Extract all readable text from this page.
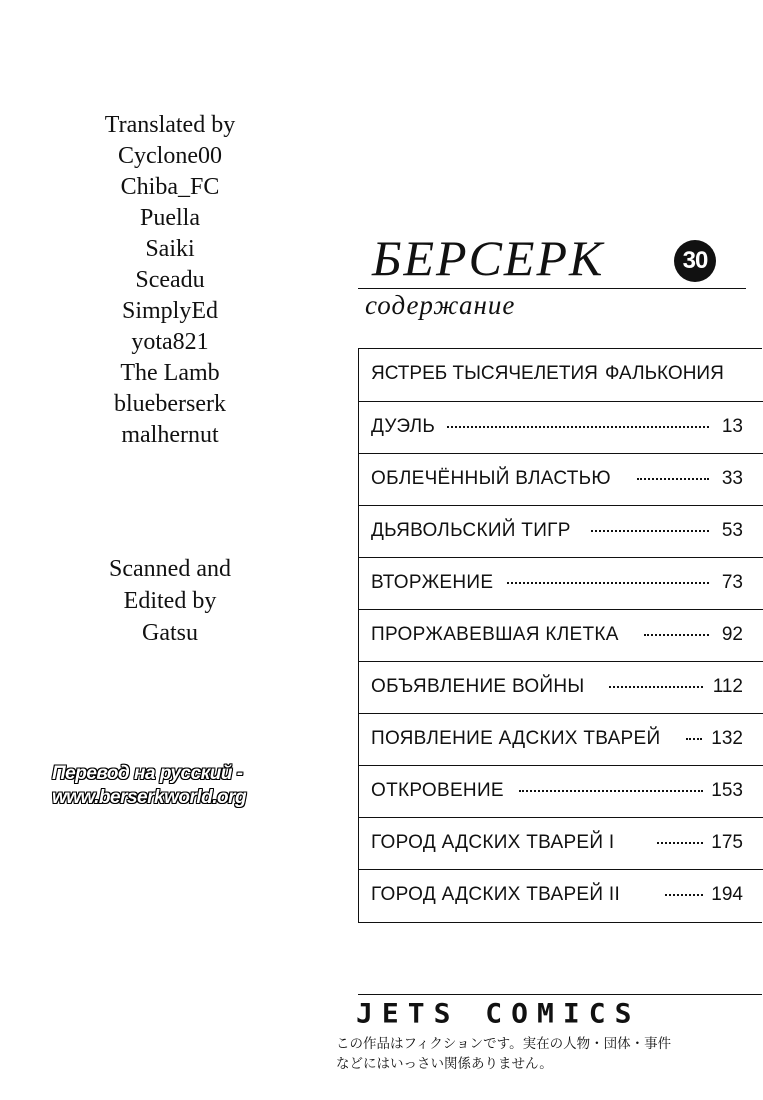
Translated by
Cyclone00
Chiba_FC
Puella
Saiki
Sceadu
SimplyEd
yota821
The Lamb
blueberserk
malhernut
Scanned and
Edited by
Gatsu
Перевод на русский -
www.berserkworld.org
БЕРСЕРК	30
содержание
ЯСТРЕБ ТЫСЯЧЕЛЕТИЯ ФАЛЬКОНИЯ
ДУЭЛЬ	13
ОБЛЕЧЁННЫЙ ВЛАСТЬЮ	33
ДЬЯВОЛЬСКИЙ ТИГР	53
ВТОРЖЕНИЕ	73
ПРОРЖАВЕВШАЯ КЛЕТКА	92
ОБЪЯВЛЕНИЕ ВОЙНЫ	112
ПОЯВЛЕНИЕ АДСКИХ ТВАРЕЙ	132
ОТКРОВЕНИЕ	153
ГОРОД АДСКИХ ТВАРЕЙ I	175
ГОРОД АДСКИХ ТВАРЕЙ II	194
JETS COMICS
この作品はフィクションです。実在の人物・団体・事件
などにはいっさい関係ありません。
